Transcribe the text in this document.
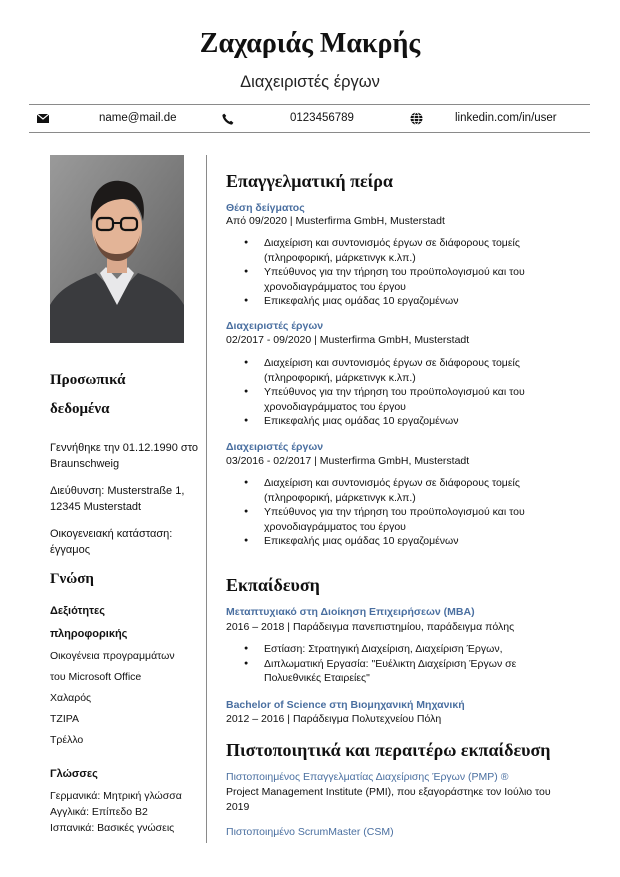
Ζαχαριάς Μακρής
Διαχειριστές έργων
name@mail.de	0123456789	linkedin.com/in/user
Προσωπικά
δεδομένα
Γεννήθηκε την 01.12.1990 στο Braunschweig
Διεύθυνση: Musterstraße 1, 12345 Musterstadt
Οικογενειακή κατάσταση: έγγαμος
Γνώση
Δεξιότητες
πληροφορικής
Οικογένεια προγραμμάτων
του Microsoft Office
Χαλαρός
TZIPA
Τρέλλο
Γλώσσες
Γερμανικά: Μητρική γλώσσα
Αγγλικά: Επίπεδο B2
Ισπανικά: Βασικές γνώσεις
Επαγγελματική πείρα
Θέση δείγματος
Από 09/2020 | Musterfirma GmbH, Musterstadt
● Διαχείριση και συντονισμός έργων σε διάφορους τομείς (πληροφορική, μάρκετινγκ κ.λπ.)
● Υπεύθυνος για την τήρηση του προϋπολογισμού και του χρονοδιαγράμματος του έργου
● Επικεφαλής μιας ομάδας 10 εργαζομένων
Διαχειριστές έργων
02/2017 - 09/2020 | Musterfirma GmbH, Musterstadt
● Διαχείριση και συντονισμός έργων σε διάφορους τομείς (πληροφορική, μάρκετινγκ κ.λπ.)
● Υπεύθυνος για την τήρηση του προϋπολογισμού και του χρονοδιαγράμματος του έργου
● Επικεφαλής μιας ομάδας 10 εργαζομένων
Διαχειριστές έργων
03/2016 - 02/2017 | Musterfirma GmbH, Musterstadt
● Διαχείριση και συντονισμός έργων σε διάφορους τομείς (πληροφορική, μάρκετινγκ κ.λπ.)
● Υπεύθυνος για την τήρηση του προϋπολογισμού και του χρονοδιαγράμματος του έργου
● Επικεφαλής μιας ομάδας 10 εργαζομένων
Εκπαίδευση
Μεταπτυχιακό στη Διοίκηση Επιχειρήσεων (MBA)
2016 – 2018 | Παράδειγμα πανεπιστημίου, παράδειγμα πόλης
● Εστίαση: Στρατηγική Διαχείριση, Διαχείριση Έργων,
● Διπλωματική Εργασία: "Ευέλικτη Διαχείριση Έργων σε Πολυεθνικές Εταιρείες"
Bachelor of Science στη Βιομηχανική Μηχανική
2012 – 2016 | Παράδειγμα Πολυτεχνείου Πόλη
Πιστοποιητικά και περαιτέρω εκπαίδευση
Πιστοποιημένος Επαγγελματίας Διαχείρισης Έργων (PMP) ®
Project Management Institute (PMI), που εξαγοράστηκε τον Ιούλιο του 2019
Πιστοποιημένο ScrumMaster (CSM)
